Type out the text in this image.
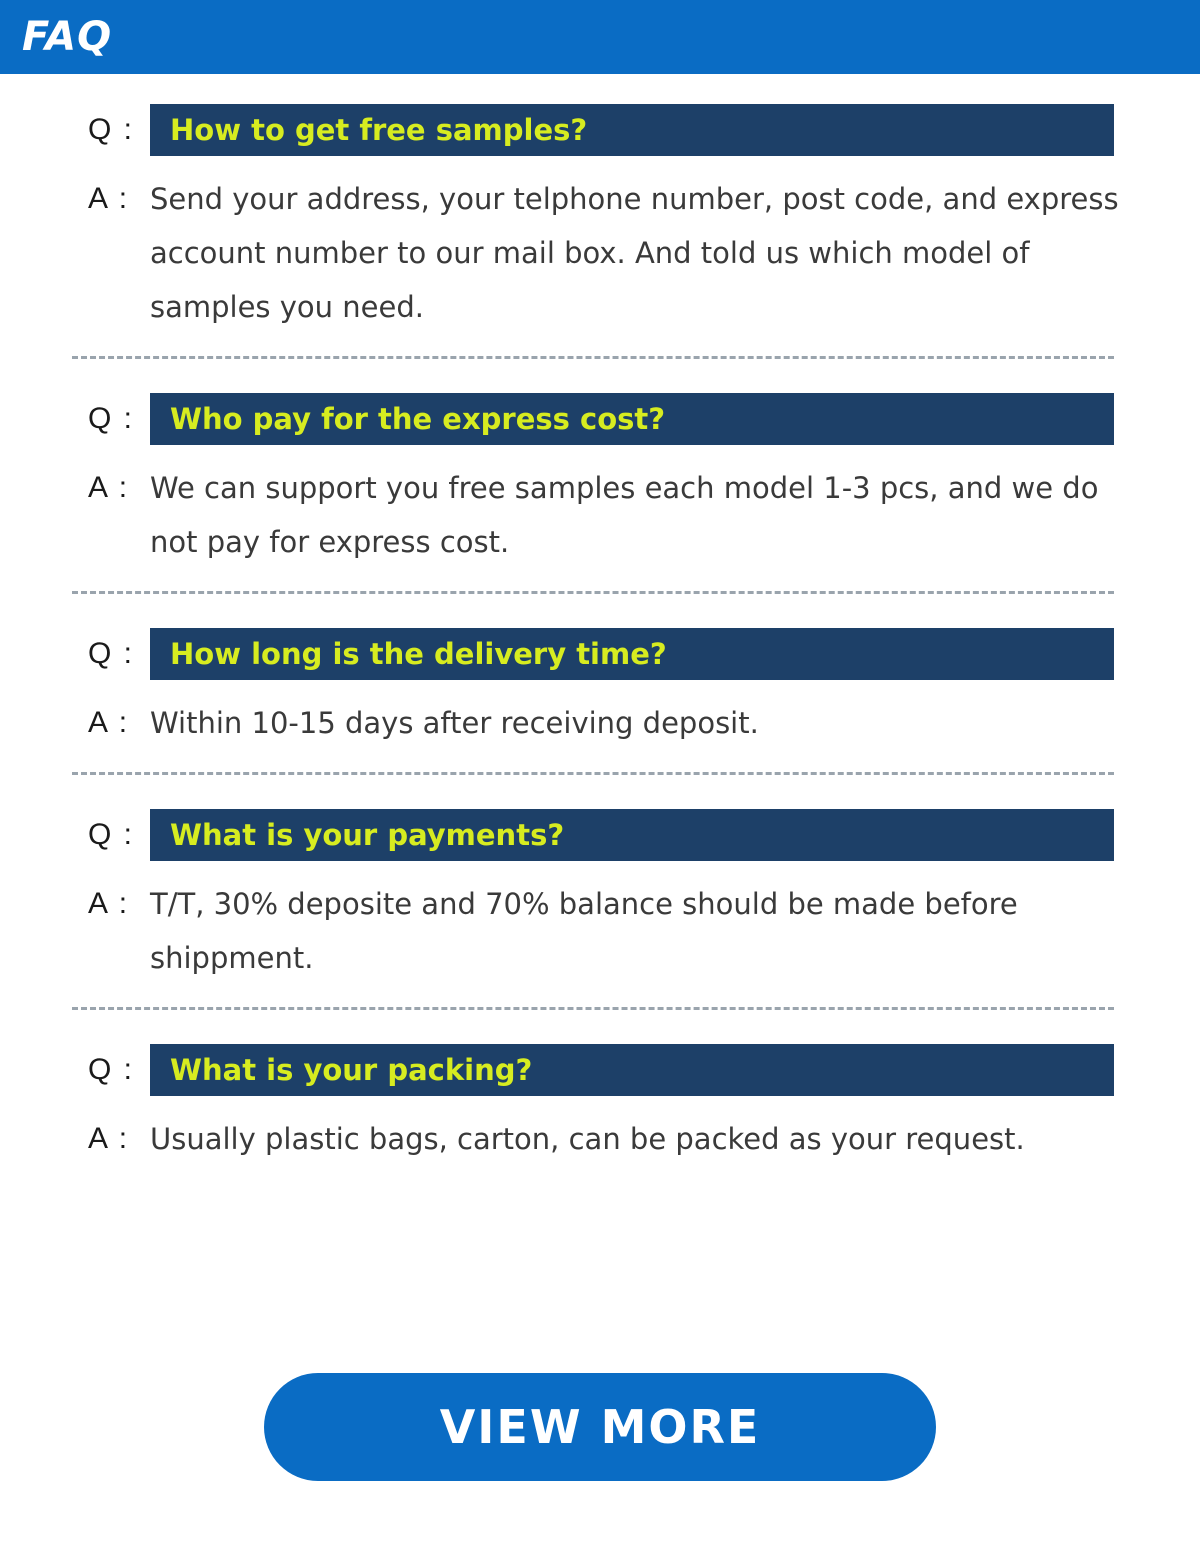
FAQ
Q :	How to get free samples?
A : Send your address, your telphone number, post code, and express account number to our mail box. And told us which model of samples you need.
Q :	Who pay for the express cost?
A : We can support you free samples each model 1-3 pcs, and we do not pay for express cost.
Q :	How long is the delivery time?
A : Within 10-15 days after receiving deposit.
Q :	What is your payments?
A : T/T, 30% deposite and 70% balance should be made before shippment.
Q :	What is your packing?
A : Usually plastic bags, carton, can be packed as your request.
VIEW MORE
